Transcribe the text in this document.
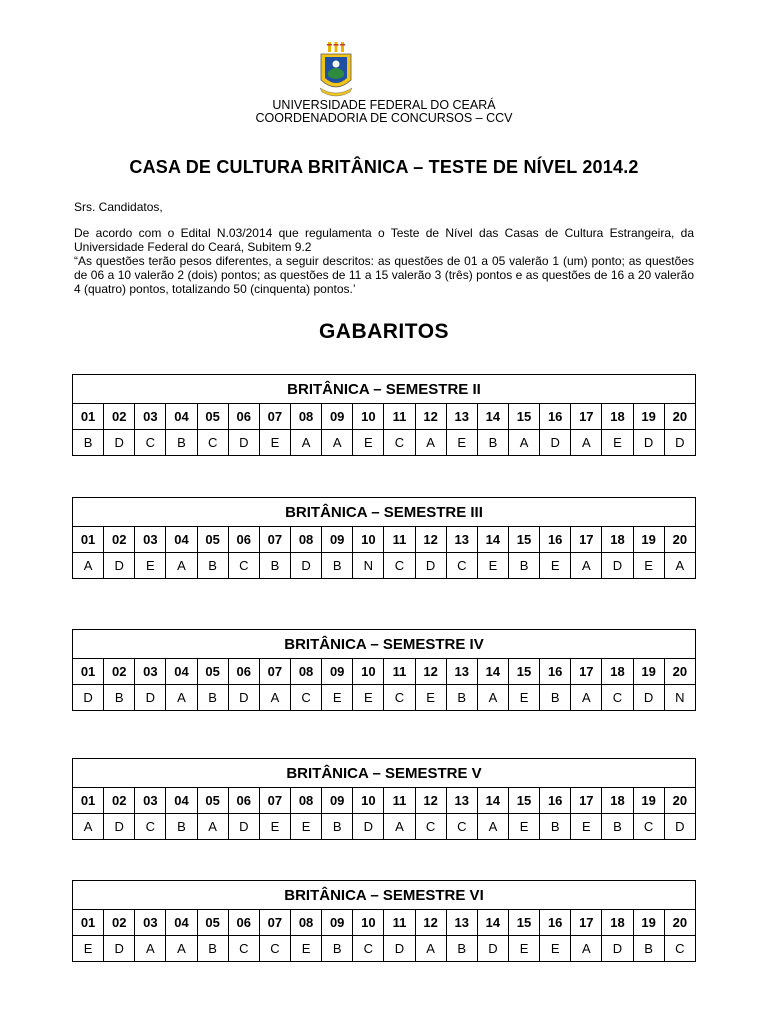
UNIVERSIDADE FEDERAL DO CEARÁ
COORDENADORIA DE CONCURSOS – CCV
CASA DE CULTURA BRITÂNICA – TESTE DE NÍVEL 2014.2
Srs. Candidatos,
De acordo com o Edital N.03/2014 que regulamenta o Teste de Nível das Casas de Cultura Estrangeira, da Universidade Federal do Ceará, Subitem 9.2
“As questões terão pesos diferentes, a seguir descritos: as questões de 01 a 05 valerão 1 (um) ponto; as questões de 06 a 10 valerão 2 (dois) pontos; as questões de 11 a 15 valerão 3 (três) pontos e as questões de 16 a 20 valerão 4 (quatro) pontos, totalizando 50 (cinquenta) pontos.’
GABARITOS
BRITÂNICA – SEMESTRE II																			
01	02	03	04	05	06	07	08	09	10	11	12	13	14	15	16	17	18	19	20
B	D	C	B	C	D	E	A	A	E	C	A	E	B	A	D	A	E	D	D
BRITÂNICA – SEMESTRE III																			
01	02	03	04	05	06	07	08	09	10	11	12	13	14	15	16	17	18	19	20
A	D	E	A	B	C	B	D	B	N	C	D	C	E	B	E	A	D	E	A
BRITÂNICA – SEMESTRE IV																			
01	02	03	04	05	06	07	08	09	10	11	12	13	14	15	16	17	18	19	20
D	B	D	A	B	D	A	C	E	E	C	E	B	A	E	B	A	C	D	N
BRITÂNICA – SEMESTRE V																			
01	02	03	04	05	06	07	08	09	10	11	12	13	14	15	16	17	18	19	20
A	D	C	B	A	D	E	E	B	D	A	C	C	A	E	B	E	B	C	D
BRITÂNICA – SEMESTRE VI																			
01	02	03	04	05	06	07	08	09	10	11	12	13	14	15	16	17	18	19	20
E	D	A	A	B	C	C	E	B	C	D	A	B	D	E	E	A	D	B	C
